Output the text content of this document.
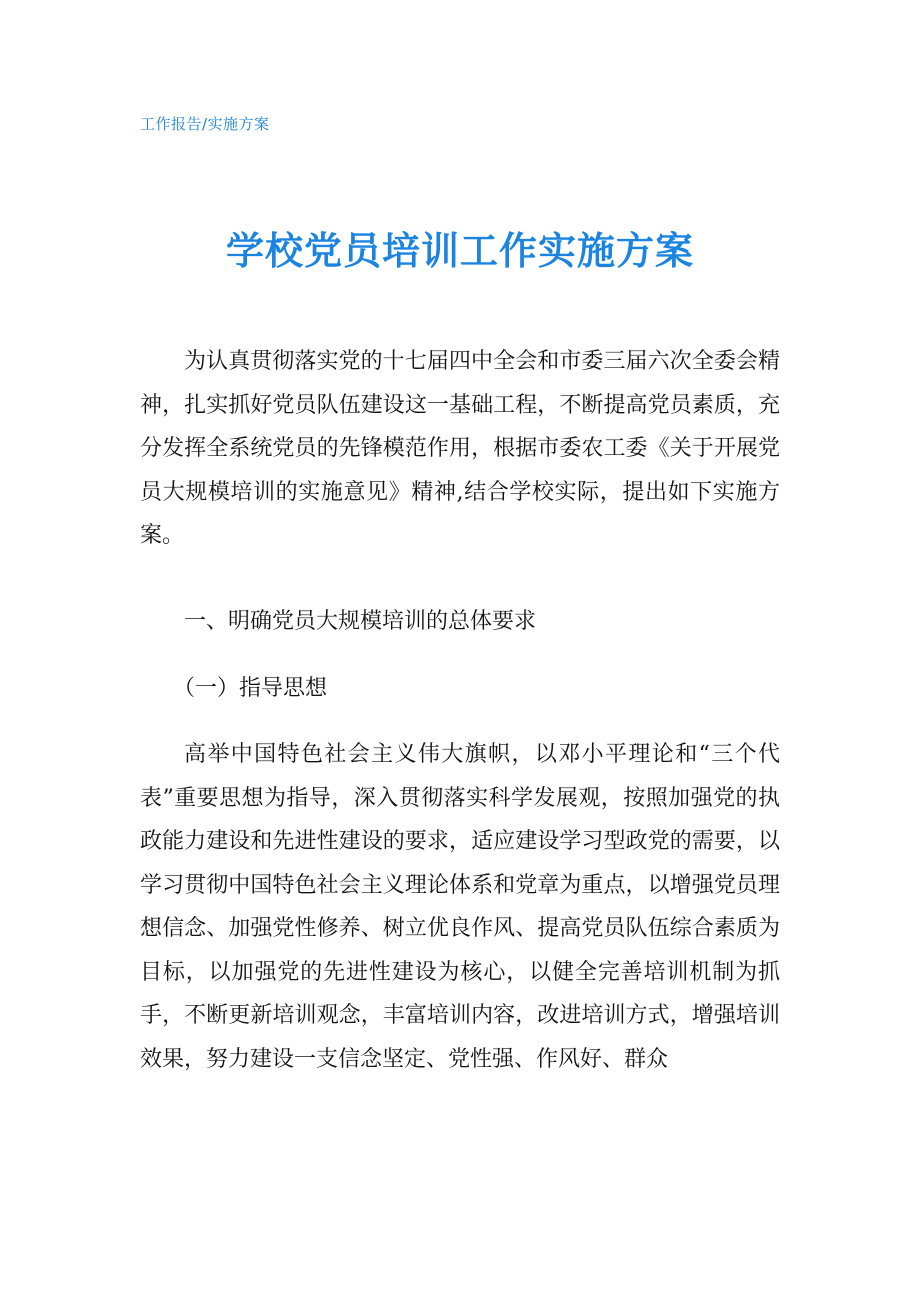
工作报告/实施方案
学校党员培训工作实施方案

为认真贯彻落实党的十七届四中全会和市委三届六次全委会精神，扎实抓好党员队伍建设这一基础工程，不断提高党员素质，充分发挥全系统党员的先锋模范作用，根据市委农工委《关于开展党员大规模培训的实施意见》精神,结合学校实际，提出如下实施方案。

一、明确党员大规模培训的总体要求

（一）指导思想

高举中国特色社会主义伟大旗帜，以邓小平理论和“三个代表”重要思想为指导，深入贯彻落实科学发展观，按照加强党的执政能力建设和先进性建设的要求，适应建设学习型政党的需要，以学习贯彻中国特色社会主义理论体系和党章为重点，以增强党员理想信念、加强党性修养、树立优良作风、提高党员队伍综合素质为目标，以加强党的先进性建设为核心，以健全完善培训机制为抓手，不断更新培训观念，丰富培训内容，改进培训方式，增强培训效果，努力建设一支信念坚定、党性强、作风好、群众
